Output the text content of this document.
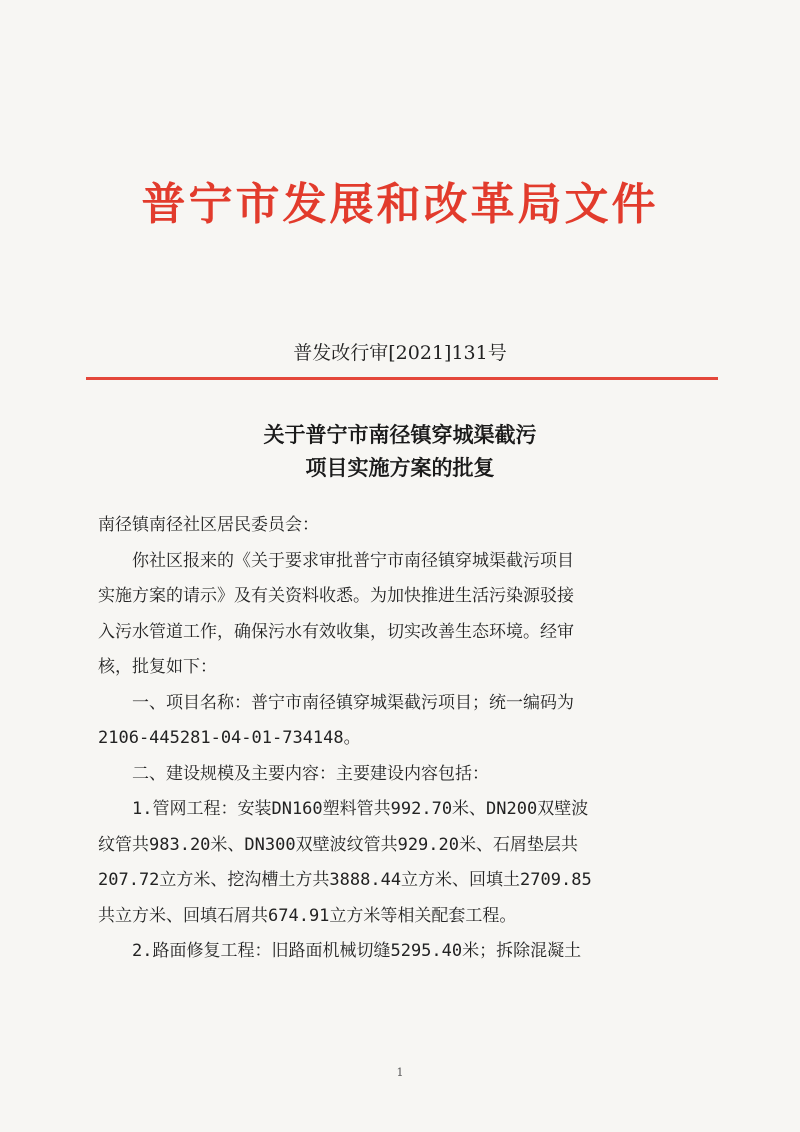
普宁市发展和改革局文件
普发改行审[2021]131号
关于普宁市南径镇穿城渠截污
项目实施方案的批复
南径镇南径社区居民委员会：
你社区报来的《关于要求审批普宁市南径镇穿城渠截污项目
实施方案的请示》及有关资料收悉。为加快推进生活污染源驳接
入污水管道工作，确保污水有效收集，切实改善生态环境。经审
核，批复如下：
一、项目名称：普宁市南径镇穿城渠截污项目；统一编码为
2106-445281-04-01-734148。
二、建设规模及主要内容：主要建设内容包括：
1.管网工程：安装DN160塑料管共992.70米、DN200双壁波
纹管共983.20米、DN300双壁波纹管共929.20米、石屑垫层共
207.72立方米、挖沟槽土方共3888.44立方米、回填土2709.85
共立方米、回填石屑共674.91立方米等相关配套工程。
2.路面修复工程：旧路面机械切缝5295.40米；拆除混凝土
1
